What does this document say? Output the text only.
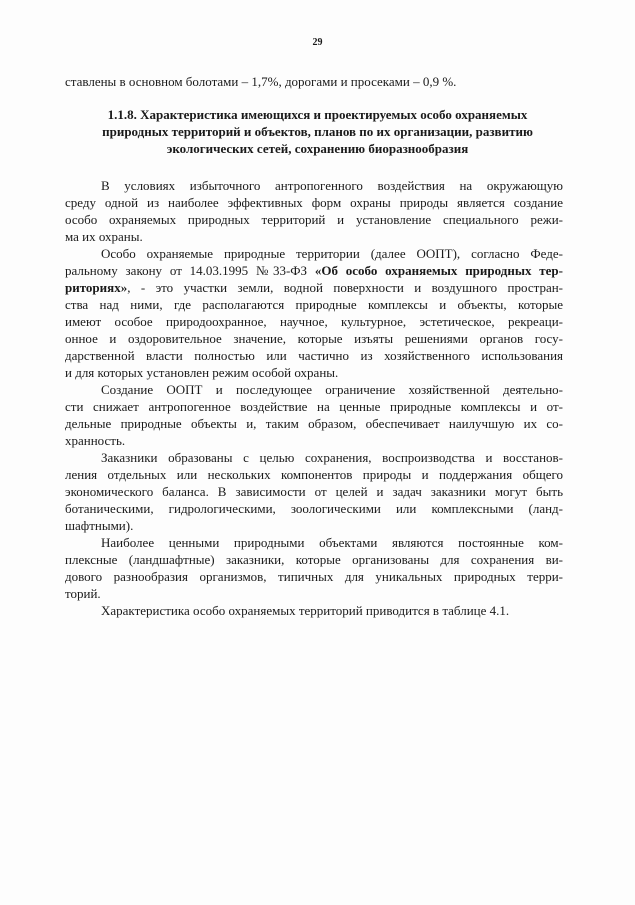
29
ставлены в основном болотами – 1,7%, дорогами и просеками – 0,9 %.
1.1.8. Характеристика имеющихся и проектируемых особо охраняемых
природных территорий и объектов, планов по их организации, развитию
экологических сетей, сохранению биоразнообразия
В условиях избыточного антропогенного воздействия на окружающую
среду одной из наиболее эффективных форм охраны природы является создание
особо охраняемых природных территорий и установление специального режи-
ма их охраны.
Особо охраняемые природные территории (далее ООПТ), согласно Феде-
ральному закону от 14.03.1995 №33-ФЗ «Об особо охраняемых природных тер-
риториях», - это участки земли, водной поверхности и воздушного простран-
ства над ними, где располагаются природные комплексы и объекты, которые
имеют особое природоохранное, научное, культурное, эстетическое, рекреаци-
онное и оздоровительное значение, которые изъяты решениями органов госу-
дарственной власти полностью или частично из хозяйственного использования
и для которых установлен режим особой охраны.
Создание ООПТ и последующее ограничение хозяйственной деятельно-
сти снижает антропогенное воздействие на ценные природные комплексы и от-
дельные природные объекты и, таким образом, обеспечивает наилучшую их со-
хранность.
Заказники образованы с целью сохранения, воспроизводства и восстанов-
ления отдельных или нескольких компонентов природы и поддержания общего
экономического баланса. В зависимости от целей и задач заказники могут быть
ботаническими, гидрологическими, зоологическими или комплексными (ланд-
шафтными).
Наиболее ценными природными объектами являются постоянные ком-
плексные (ландшафтные) заказники, которые организованы для сохранения ви-
дового разнообразия организмов, типичных для уникальных природных терри-
торий.
Характеристика особо охраняемых территорий приводится в таблице 4.1.
